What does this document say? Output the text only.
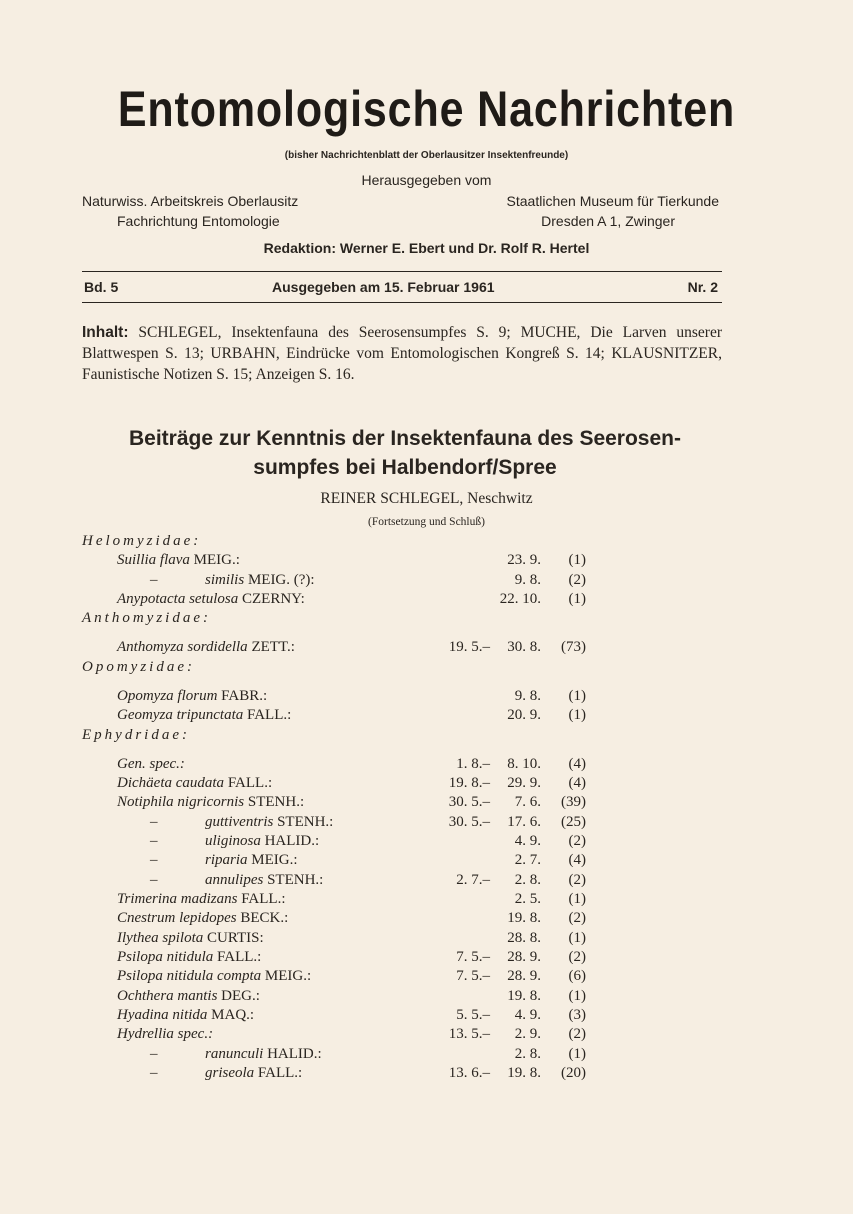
Entomologische Nachrichten
(bisher Nachrichtenblatt der Oberlausitzer Insektenfreunde)
Herausgegeben vom
Naturwiss. Arbeitskreis Oberlausitz
Fachrichtung Entomologie
Staatlichen Museum für Tierkunde
Dresden A 1, Zwinger
Redaktion: Werner E. Ebert und Dr. Rolf R. Hertel
Bd. 5	Ausgegeben am 15. Februar 1961	Nr. 2
Inhalt: SCHLEGEL, Insektenfauna des Seerosensumpfes S. 9; MUCHE, Die Larven unserer Blattwespen S. 13; URBAHN, Eindrücke vom Entomologischen Kongreß S. 14; KLAUSNITZER, Faunistische Notizen S. 15; Anzeigen S. 16.
Beiträge zur Kenntnis der Insektenfauna des Seerosen-
sumpfes bei Halbendorf/Spree
REINER SCHLEGEL, Neschwitz
(Fortsetzung und Schluß)
Helomyzidae:
Suillia flava MEIG.:	23. 9. (1)
–	similis MEIG. (?):	9. 8. (2)
Anypotacta setulosa CZERNY:	22. 10. (1)
Anthomyzidae:
Anthomyza sordidella ZETT.:	19. 5.– 30. 8. (73)
Opomyzidae:
Opomyza florum FABR.:	9. 8. (1)
Geomyza tripunctata FALL.:	20. 9. (1)
Ephydridae:
Gen. spec.:	1. 8.– 8. 10. (4)
Dichäeta caudata FALL.:	19. 8.– 29. 9. (4)
Notiphila nigricornis STENH.:	30. 5.– 7. 6. (39)
–	guttiventris STENH.:	30. 5.– 17. 6. (25)
–	uliginosa HALID.:	4. 9. (2)
–	riparia MEIG.:	2. 7. (4)
–	annulipes STENH.:	2. 7.– 2. 8. (2)
Trimerina madizans FALL.:	2. 5. (1)
Cnestrum lepidopes BECK.:	19. 8. (2)
Ilythea spilota CURTIS:	28. 8. (1)
Psilopa nitidula FALL.:	7. 5.– 28. 9. (2)
Psilopa nitidula compta MEIG.:	7. 5.– 28. 9. (6)
Ochthera mantis DEG.:	19. 8. (1)
Hyadina nitida MAQ.:	5. 5.– 4. 9. (3)
Hydrellia spec.:	13. 5.– 2. 9. (2)
–	ranunculi HALID.:	2. 8. (1)
–	griseola FALL.:	13. 6.– 19. 8. (20)
